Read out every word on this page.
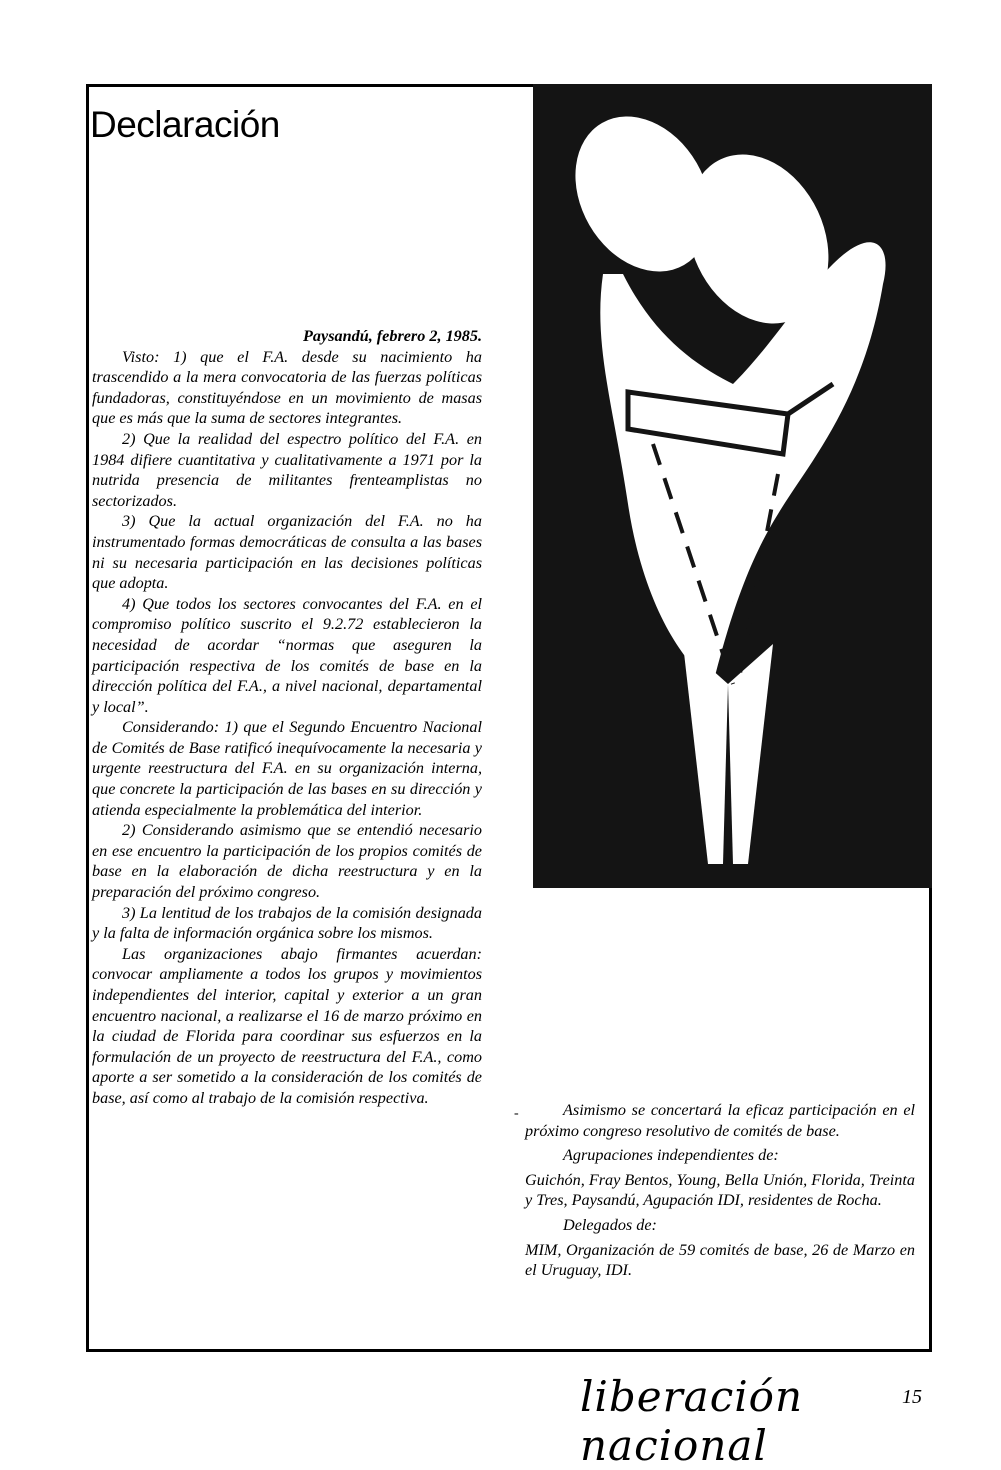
Declaración

Paysandú, febrero 2, 1985.

Visto: 1) que el F.A. desde su nacimiento ha trascendido a la mera convocatoria de las fuerzas políticas fundadoras, constituyéndose en un movimiento de masas que es más que la suma de sectores integrantes.

2) Que la realidad del espectro político del F.A. en 1984 difiere cuantitativa y cualitativamente a 1971 por la nutrida presencia de militantes frenteamplistas no sectorizados.

3) Que la actual organización del F.A. no ha instrumentado formas democráticas de consulta a las bases ni su necesaria participación en las decisiones políticas que adopta.

4) Que todos los sectores convocantes del F.A. en el compromiso político suscrito el 9.2.72 establecieron la necesidad de acordar “normas que aseguren la participación respectiva de los comités de base en la dirección política del F.A., a nivel nacional, departamental y local”.

Considerando: 1) que el Segundo Encuentro Nacional de Comités de Base ratificó inequívocamente la necesaria y urgente reestructura del F.A. en su organización interna, que concrete la participación de las bases en su dirección y atienda especialmente la problemática del interior.

2) Considerando asimismo que se entendió necesario en ese encuentro la participación de los propios comités de base en la elaboración de dicha reestructura y en la preparación del próximo congreso.

3) La lentitud de los trabajos de la comisión designada y la falta de información orgánica sobre los mismos.

Las organizaciones abajo firmantes acuerdan: convocar ampliamente a todos los grupos y movimientos independientes del interior, capital y exterior a un gran encuentro nacional, a realizarse el 16 de marzo próximo en la ciudad de Florida para coordinar sus esfuerzos en la formulación de un proyecto de reestructura del F.A., como aporte a ser sometido a la consideración de los comités de base, así como al trabajo de la comisión respectiva.

-	Asimismo se concertará la eficaz participación en el próximo congreso resolutivo de comités de base.

Agrupaciones independientes de:

Guichón, Fray Bentos, Young, Bella Unión, Florida, Treinta y Tres, Paysandú, Agupación IDI, residentes de Rocha.

Delegados de:

MIM, Organización de 59 comités de base, 26 de Marzo en el Uruguay, IDI.

liberación nacional
15
